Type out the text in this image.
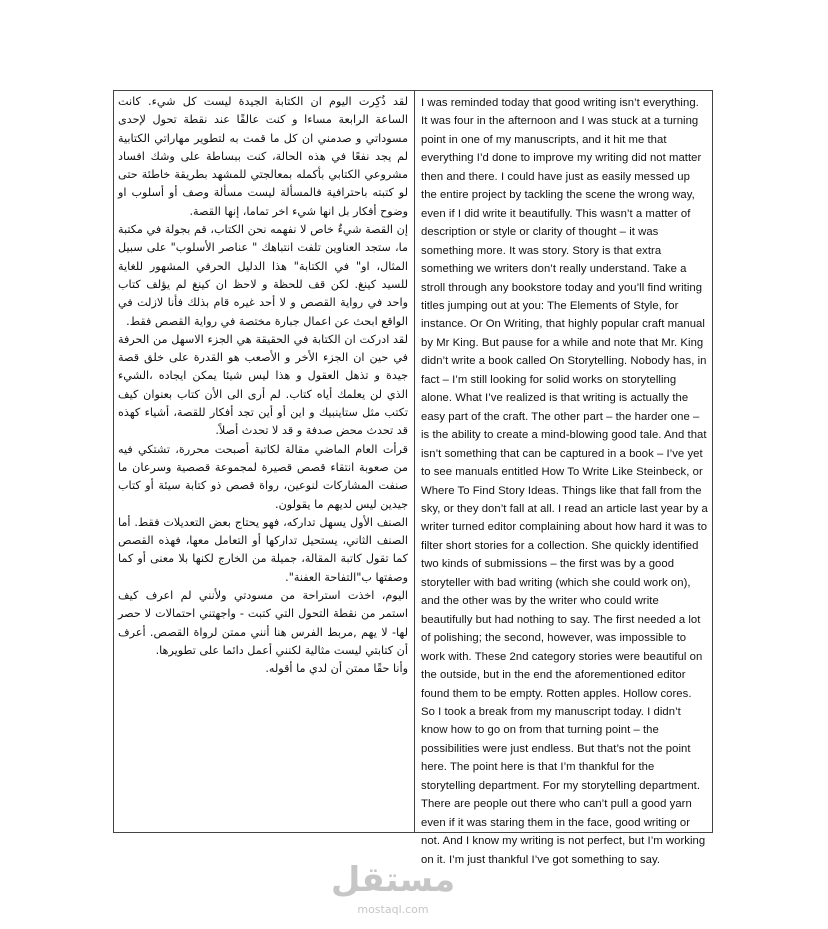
لقد ذُكِرت اليوم ان الكتابة الجيدة ليست كل شيء. كانت الساعة الرابعة مساءا و كنت عالقًا عند نقطة تحول لإحدى مسوداتي و صدمني ان كل ما قمت به لتطوير مهاراتي الكتابية لم يجد نفعًا في هذه الحالة، كنت ببساطة على وشك افساد مشروعي الكتابي بأكمله بمعالجتي للمشهد بطريقة خاطئة حتى لو كتبته باحترافية فالمسألة ليست مسألة وصف أو أسلوب او وضوح أفكار بل انها شيء اخر تماما، إنها القصة.

إن القصة شيءٌ خاص لا نفهمه نحن الكتاب، قم بجولة في مكتبة ما، ستجد العناوين تلفت انتباهك " عناصر الأسلوب" على سبيل المثال، او" في الكتابة" هذا الدليل الحرفي المشهور للغاية للسيد كينغ. لكن قف للحظة و لاحظ ان كينغ لم يؤلف كتاب واحد في رواية القصص و لا أحد غيره قام بذلك فأنا لازلت في الواقع ابحث عن اعمال جبارة مختصة في رواية القصص فقط.

لقد ادركت ان الكتابة في الحقيقة هي الجزء الاسهل من الحرفة في حين ان الجزء الأخر و الأصعب هو القدرة على خلق قصة جيدة و تذهل العقول و هذا ليس شيئا يمكن ايجاده ،الشيء الذي لن يعلمك أياه كتاب. لم أرى الى الأن كتاب بعنوان كيف تكتب مثل ستاينبيك و اين أو أين تجد أفكار للقصة، أشياء كهذه قد تحدث محض صدفة و قد لا تحدث أصلاً.

قرأت العام الماضي مقالة لكاتبة أصبحت محررة، تشتكي فيه من صعوبة انتقاء قصص قصيرة لمجموعة قصصية وسرعان ما صنفت المشاركات لنوعين، رواة قصص ذو كتابة سيئة أو كتاب جيدين ليس لديهم ما يقولون.

الصنف الأول يسهل تداركه، فهو يحتاج بعض التعديلات فقط. أما الصنف الثاني، يستحيل تداركها أو التعامل معها، فهذه القصص كما تقول كاتبة المقالة، جميلة من الخارج لكنها بلا معنى أو كما وصفتها ب"التفاحة العفنة".

اليوم، اخذت استراحة من مسودتي ولأنني لم اعرف كيف استمر من نقطة التحول التي كتبت - واجهتني احتمالات لا حصر لها- لا يهم ,مربط الفرس هنا أنني ممتن لرواة القصص. أعرف أن كتابتي ليست مثالية لكنني أعمل دائما على تطويرها.

وأنا حقًا ممتن أن لدي ما أقوله.

I was reminded today that good writing isn’t everything. It was four in the afternoon and I was stuck at a turning point in one of my manuscripts, and it hit me that everything I’d done to improve my writing did not matter then and there. I could have just as easily messed up the entire project by tackling the scene the wrong way, even if I did write it beautifully. This wasn’t a matter of description or style or clarity of thought – it was something more. It was story. Story is that extra something we writers don’t really understand. Take a stroll through any bookstore today and you’ll find writing titles jumping out at you: The Elements of Style, for instance. Or On Writing, that highly popular craft manual by Mr King. But pause for a while and note that Mr. King didn’t write a book called On Storytelling. Nobody has, in fact – I’m still looking for solid works on storytelling alone. What I’ve realized is that writing is actually the easy part of the craft. The other part – the harder one – is the ability to create a mind-blowing good tale. And that isn’t something that can be captured in a book – I’ve yet to see manuals entitled How To Write Like Steinbeck, or Where To Find Story Ideas. Things like that fall from the sky, or they don’t fall at all. I read an article last year by a writer turned editor complaining about how hard it was to filter short stories for a collection. She quickly identified two kinds of submissions – the first was by a good storyteller with bad writing (which she could work on), and the other was by the writer who could write beautifully but had nothing to say. The first needed a lot of polishing; the second, however, was impossible to work with. These 2nd category stories were beautiful on the outside, but in the end the aforementioned editor found them to be empty. Rotten apples. Hollow cores. So I took a break from my manuscript today. I didn’t know how to go on from that turning point – the possibilities were just endless. But that’s not the point here. The point here is that I’m thankful for the storytelling department. For my storytelling department. There are people out there who can’t pull a good yarn even if it was staring them in the face, good writing or not. And I know my writing is not perfect, but I’m working on it. I’m just thankful I’ve got something to say.

مستقل
mostaql.com
